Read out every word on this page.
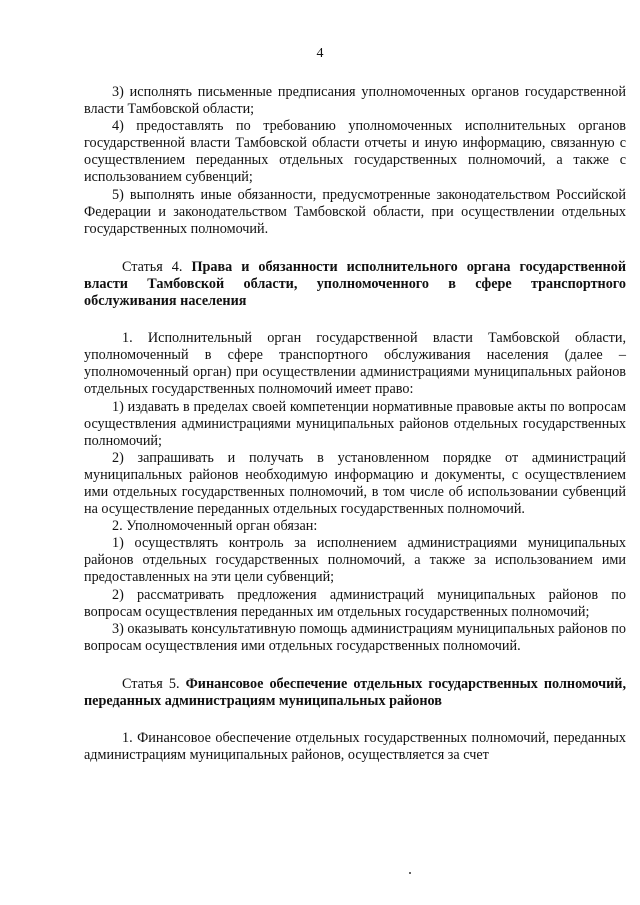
4

3) исполнять письменные предписания уполномоченных органов государственной власти Тамбовской области;

4) предоставлять по требованию уполномоченных исполнительных органов государственной власти Тамбовской области отчеты и иную информацию, связанную с осуществлением переданных отдельных государственных полномочий, а также с использованием субвенций;

5) выполнять иные обязанности, предусмотренные законодательством Российской Федерации и законодательством Тамбовской области, при осуществлении отдельных государственных полномочий.

Статья 4. Права и обязанности исполнительного органа государственной власти Тамбовской области, уполномоченного в сфере транспортного обслуживания населения

1. Исполнительный орган государственной власти Тамбовской области, уполномоченный в сфере транспортного обслуживания населения (далее – уполномоченный орган) при осуществлении администрациями муниципальных районов отдельных государственных полномочий имеет право:

1) издавать в пределах своей компетенции нормативные правовые акты по вопросам осуществления администрациями муниципальных районов отдельных государственных полномочий;

2) запрашивать и получать в установленном порядке от администраций муниципальных районов необходимую информацию и документы, с осуществлением ими отдельных государственных полномочий, в том числе об использовании субвенций на осуществление переданных отдельных государственных полномочий.

2. Уполномоченный орган обязан:

1) осуществлять контроль за исполнением администрациями муниципальных районов отдельных государственных полномочий, а также за использованием ими предоставленных на эти цели субвенций;

2) рассматривать предложения администраций муниципальных районов по вопросам осуществления переданных им отдельных государственных полномочий;

3) оказывать консультативную помощь администрациям муниципальных районов по вопросам осуществления ими отдельных государственных полномочий.

Статья 5. Финансовое обеспечение отдельных государственных полномочий, переданных администрациям муниципальных районов

1. Финансовое обеспечение отдельных государственных полномочий, переданных администрациям муниципальных районов, осуществляется за счет
